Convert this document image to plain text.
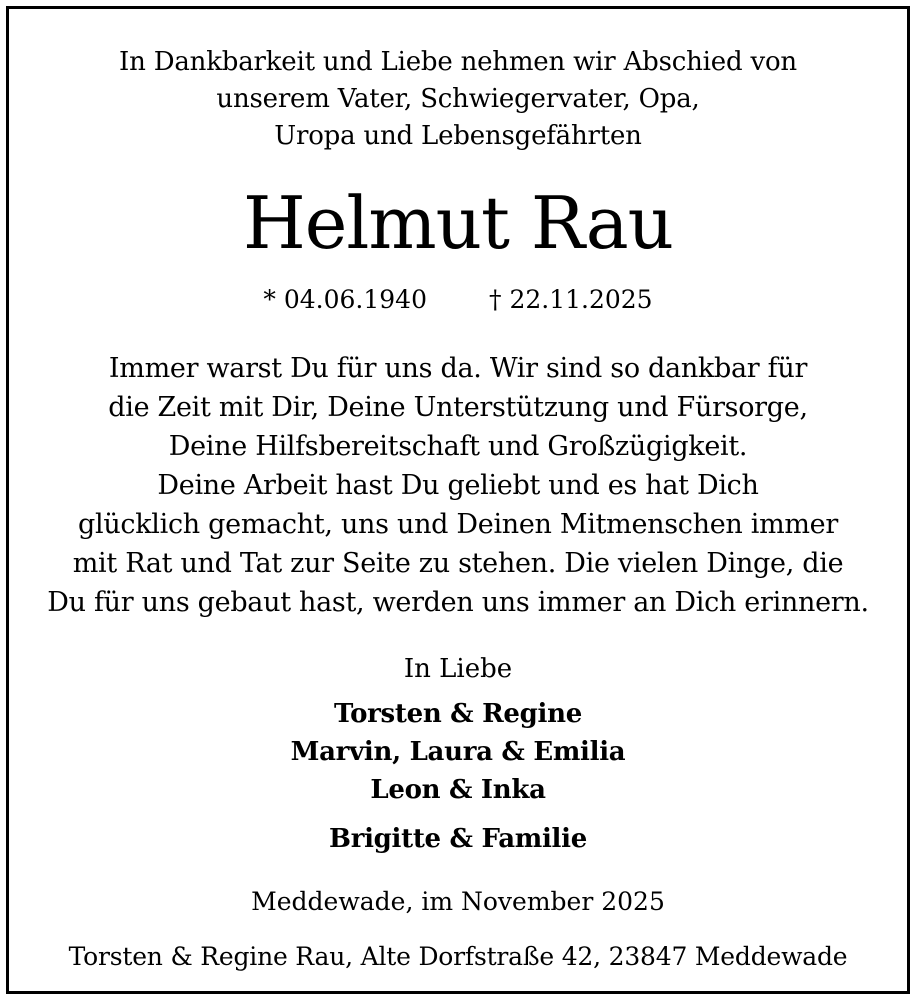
In Dankbarkeit und Liebe nehmen wir Abschied von
unserem Vater, Schwiegervater, Opa,
Uropa und Lebensgefährten
Helmut Rau
* 04.06.1940 † 22.11.2025
Immer warst Du für uns da. Wir sind so dankbar für
die Zeit mit Dir, Deine Unterstützung und Fürsorge,
Deine Hilfsbereitschaft und Großzügigkeit.
Deine Arbeit hast Du geliebt und es hat Dich
glücklich gemacht, uns und Deinen Mitmenschen immer
mit Rat und Tat zur Seite zu stehen. Die vielen Dinge, die
Du für uns gebaut hast, werden uns immer an Dich erinnern.
In Liebe
Torsten & Regine
Marvin, Laura & Emilia
Leon & Inka
Brigitte & Familie
Meddewade, im November 2025
Torsten & Regine Rau, Alte Dorfstraße 42, 23847 Meddewade
